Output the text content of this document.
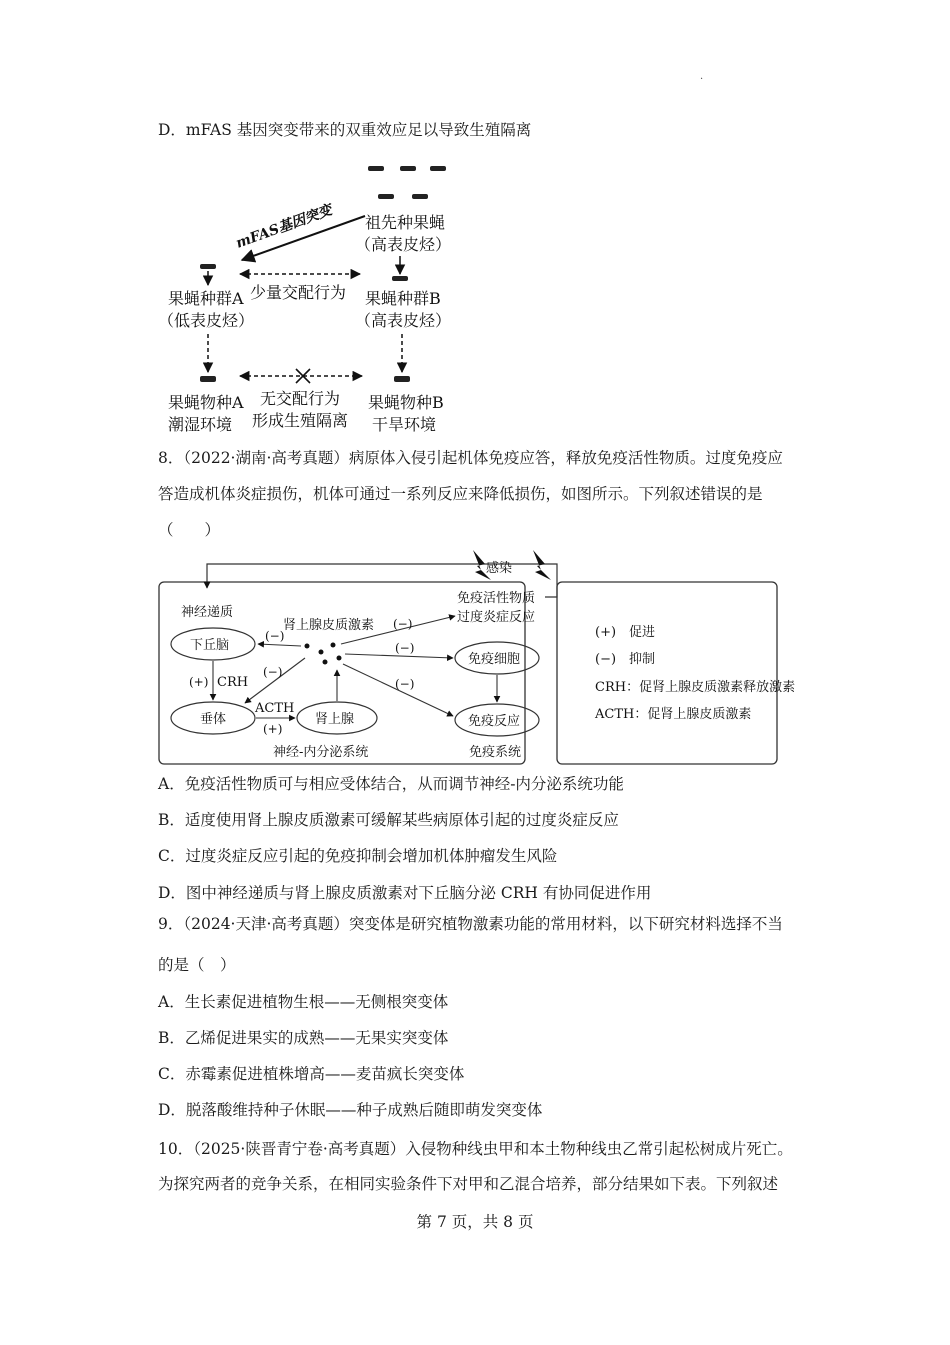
·
D．mFAS 基因突变带来的双重效应足以导致生殖隔离
mFAS基因突变 祖先种果蝇
（高表皮烃）
果蝇种群A
（低表皮烃）
果蝇种群B
（高表皮烃）
少量交配行为
果蝇物种A
潮湿环境
无交配行为
形成生殖隔离
果蝇物种B
干旱环境
8．（2022·湖南·高考真题）病原体入侵引起机体免疫应答，释放免疫活性物质。过度免疫应
答造成机体炎症损伤，机体可通过一系列反应来降低损伤，如图所示。下列叙述错误的是
（　　）
感染
神经递质
下丘脑
肾上腺皮质激素
(−)
(+) CRH
垂体
(−)
ACTH
(+)
肾上腺
神经-内分泌系统
(−)
(−)
(−)
免疫活性物质
过度炎症反应
免疫细胞
免疫反应
免疫系统
(+)　促进
(−)　抑制
CRH：促肾上腺皮质激素释放激素
ACTH：促肾上腺皮质激素
A．免疫活性物质可与相应受体结合，从而调节神经-内分泌系统功能
B．适度使用肾上腺皮质激素可缓解某些病原体引起的过度炎症反应
C．过度炎症反应引起的免疫抑制会增加机体肿瘤发生风险
D．图中神经递质与肾上腺皮质激素对下丘脑分泌 CRH 有协同促进作用
9．（2024·天津·高考真题）突变体是研究植物激素功能的常用材料，以下研究材料选择不当
的是（　）
A．生长素促进植物生根——无侧根突变体
B．乙烯促进果实的成熟——无果实突变体
C．赤霉素促进植株增高——麦苗疯长突变体
D．脱落酸维持种子休眠——种子成熟后随即萌发突变体
10．（2025·陕晋青宁卷·高考真题）入侵物种线虫甲和本土物种线虫乙常引起松树成片死亡。
为探究两者的竞争关系，在相同实验条件下对甲和乙混合培养，部分结果如下表。下列叙述
第 7 页，共 8 页
